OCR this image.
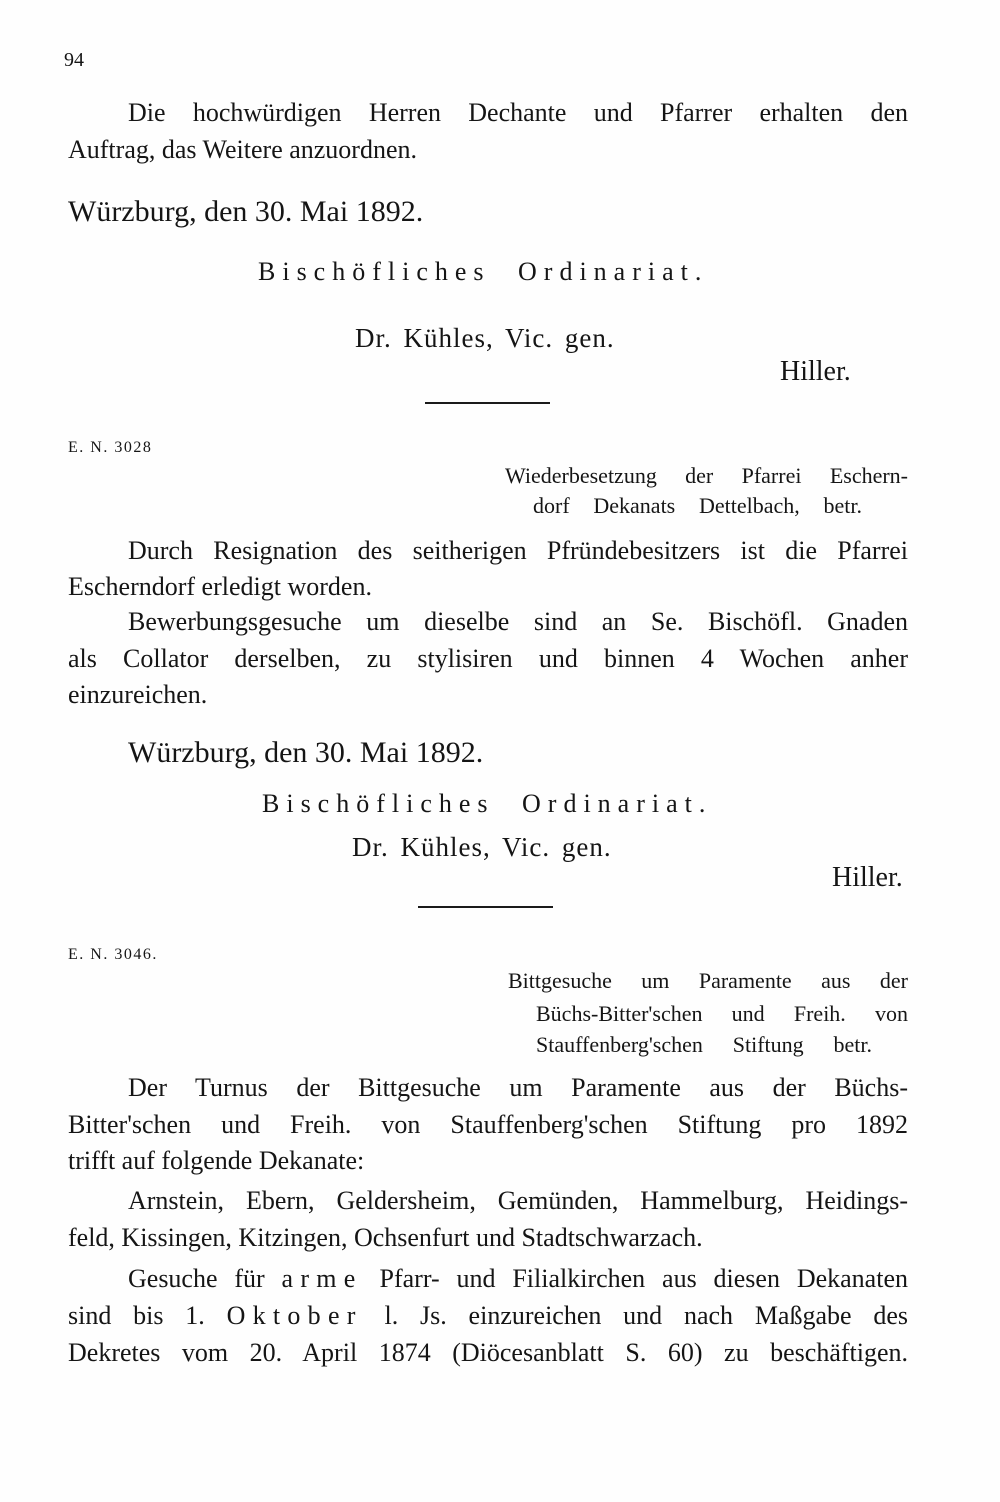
94
Die hochwürdigen Herren Dechante und Pfarrer erhalten den
Auftrag, das Weitere anzuordnen.
Würzburg, den 30. Mai 1892.
Bischöfliches Ordinariat.
Dr. Kühles, Vic. gen.
Hiller.
E. N. 3028
Wiederbesetzung der Pfarrei Eschern-
dorf Dekanats Dettelbach, betr.
Durch Resignation des seitherigen Pfründebesitzers ist die Pfarrei
Escherndorf erledigt worden.
Bewerbungsgesuche um dieselbe sind an Se. Bischöfl. Gnaden
als Collator derselben, zu stylisiren und binnen 4 Wochen anher
einzureichen.
Würzburg, den 30. Mai 1892.
Bischöfliches Ordinariat.
Dr. Kühles, Vic. gen.
Hiller.
E. N. 3046.
Bittgesuche um Paramente aus der
Büchs-Bitter'schen und Freih. von
Stauffenberg'schen Stiftung betr.
Der Turnus der Bittgesuche um Paramente aus der Büchs-
Bitter'schen und Freih. von Stauffenberg'schen Stiftung pro 1892
trifft auf folgende Dekanate:
Arnstein, Ebern, Geldersheim, Gemünden, Hammelburg, Heidings-
feld, Kissingen, Kitzingen, Ochsenfurt und Stadtschwarzach.
Gesuche für arme Pfarr- und Filialkirchen aus diesen Dekanaten
sind bis 1. Oktober l. Js. einzureichen und nach Maßgabe des
Dekretes vom 20. April 1874 (Diöcesanblatt S. 60) zu beschäftigen.
